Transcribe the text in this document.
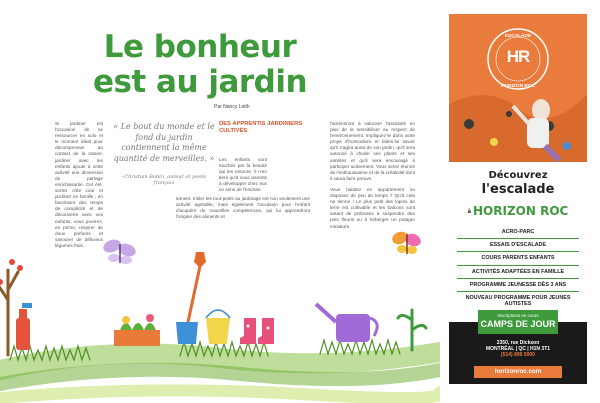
Le bonheur
est au jardin
Par Nancy Leith

Si jardiner est l'occasion de se ressourcer en solo et le moment idéal pour décompresser au contact de la nature, jardiner avec les enfants ajoute à cette activité une dimension de partage enrichissante. Cet été, sortez côté cour et jardinez en famille ; en favorisant des temps de complicité et de découverte avec vos enfants, vous pourrez, en prime, respirer de doux parfums et savourer de délicieux légumes frais.

« Le bout du monde et le fond du jardin contiennent la même quantité de merveilles. »
–Christian Bobin, auteur et poète français
DES APPRENTIS JARDINIERS CULTIVÉS

Les enfants sont touchés par la beauté qui les entoure. Il n'en tient qu'à vous parents à développer chez eux ce sens de l'enchan-

tement. Initier les tout-petits au jardinage est non seulement une activité agréable, mais également l'occasion pour l'enfant d'acquérir de nouvelles compétences, qui lui apprendront l'origine des aliments et

l'amèneront à valoriser l'assiduité en plus de la sensibiliser au respect de l'environnement. Impliquez-le dans votre projet d'horticulture et faites-lui savoir qu'il s'agira aussi de son jardin, qu'il sera autorisé à choisir ses plants et ses variétés et qu'il sera encouragé à participer activement. Vous serez étonné de l'enthousiasme et de la créativité dont il saura faire preuve.

Vous habitez en appartement ou disposez de peu de temps ? Qu'à cela ne tienne ! Le plus petit des lopins de terre est cultivable et les balcons sont autant de prétextes à suspendre des pots fleuris ou à héberger un potager miniature.

ESCALADE
HORIZON ROC
HR
Découvrez
l'escalade
à HORIZON ROC
ACRO-PARC
ESSAIS D'ESCALADE
COURS PARENTS ENFANTS
ACTIVITÉS ADAPTÉES EN FAMILLE
PROGRAMME JEUNESSE DÈS 3 ANS
NOUVEAU PROGRAMME POUR JEUNES AUTISTES
Inscriptions en cours
CAMPS DE JOUR
2350, rue Dickson
MONTRÉAL | QC | H1N 3T1
(514) 899 5000
horizonroc.com
